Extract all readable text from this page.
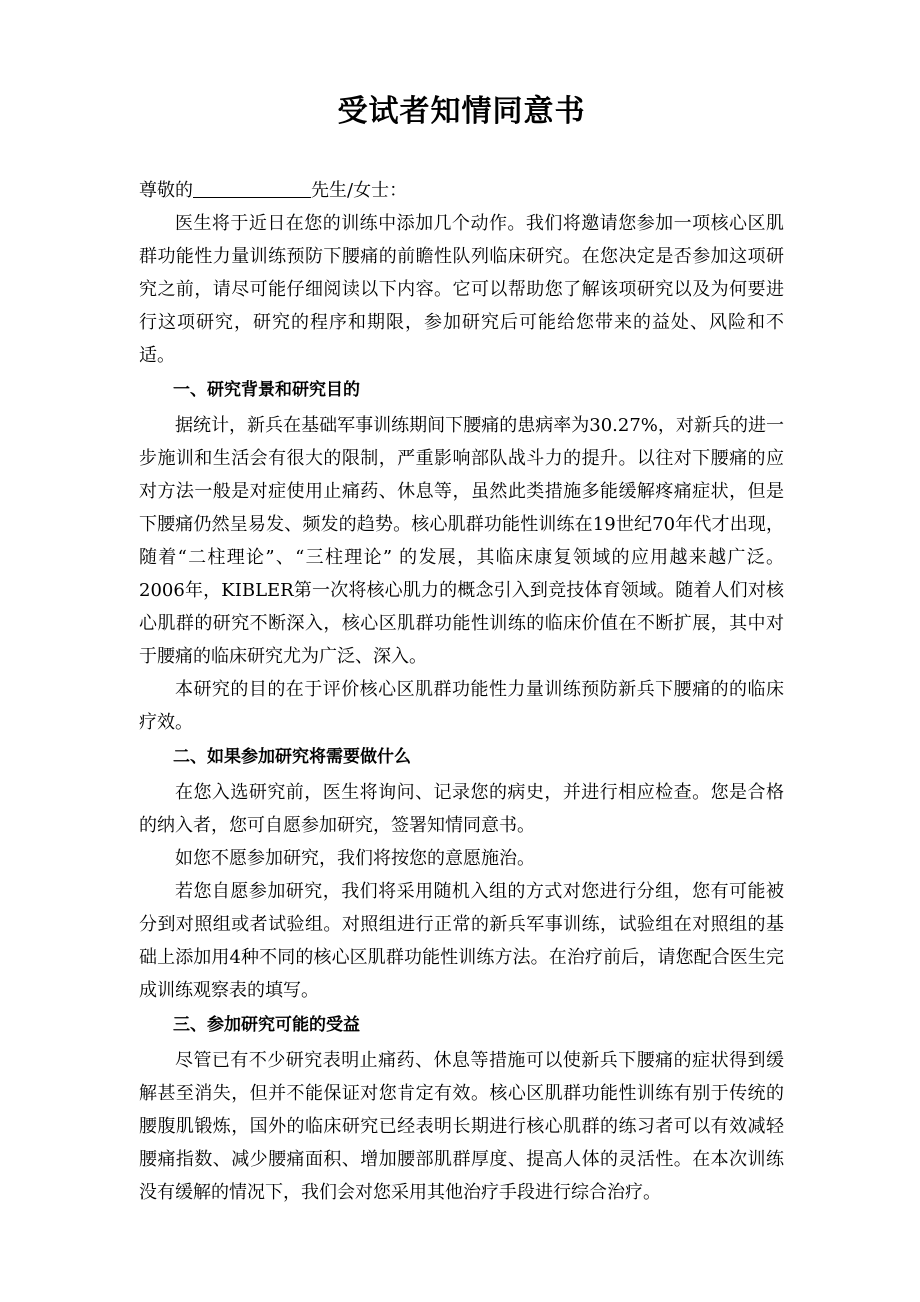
受试者知情同意书

尊敬的	先生/女士：

医生将于近日在您的训练中添加几个动作。我们将邀请您参加一项核心区肌群功能性力量训练预防下腰痛的前瞻性队列临床研究。在您决定是否参加这项研究之前，请尽可能仔细阅读以下内容。它可以帮助您了解该项研究以及为何要进行这项研究，研究的程序和期限，参加研究后可能给您带来的益处、风险和不适。

一、研究背景和研究目的

据统计，新兵在基础军事训练期间下腰痛的患病率为30.27%，对新兵的进一步施训和生活会有很大的限制，严重影响部队战斗力的提升。以往对下腰痛的应对方法一般是对症使用止痛药、休息等，虽然此类措施多能缓解疼痛症状，但是下腰痛仍然呈易发、频发的趋势。核心肌群功能性训练在19世纪70年代才出现，随着“二柱理论”、“三柱理论” 的发展，其临床康复领域的应用越来越广泛。2006年，KIBLER第一次将核心肌力的概念引入到竞技体育领域。随着人们对核心肌群的研究不断深入，核心区肌群功能性训练的临床价值在不断扩展，其中对于腰痛的临床研究尤为广泛、深入。

本研究的目的在于评价核心区肌群功能性力量训练预防新兵下腰痛的的临床疗效。

二、如果参加研究将需要做什么

在您入选研究前，医生将询问、记录您的病史，并进行相应检查。您是合格的纳入者，您可自愿参加研究，签署知情同意书。

如您不愿参加研究，我们将按您的意愿施治。

若您自愿参加研究，我们将采用随机入组的方式对您进行分组，您有可能被分到对照组或者试验组。对照组进行正常的新兵军事训练，试验组在对照组的基础上添加用4种不同的核心区肌群功能性训练方法。在治疗前后，请您配合医生完成训练观察表的填写。

三、参加研究可能的受益

尽管已有不少研究表明止痛药、休息等措施可以使新兵下腰痛的症状得到缓解甚至消失，但并不能保证对您肯定有效。核心区肌群功能性训练有别于传统的腰腹肌锻炼，国外的临床研究已经表明长期进行核心肌群的练习者可以有效减轻腰痛指数、减少腰痛面积、增加腰部肌群厚度、提高人体的灵活性。在本次训练没有缓解的情况下，我们会对您采用其他治疗手段进行综合治疗。
